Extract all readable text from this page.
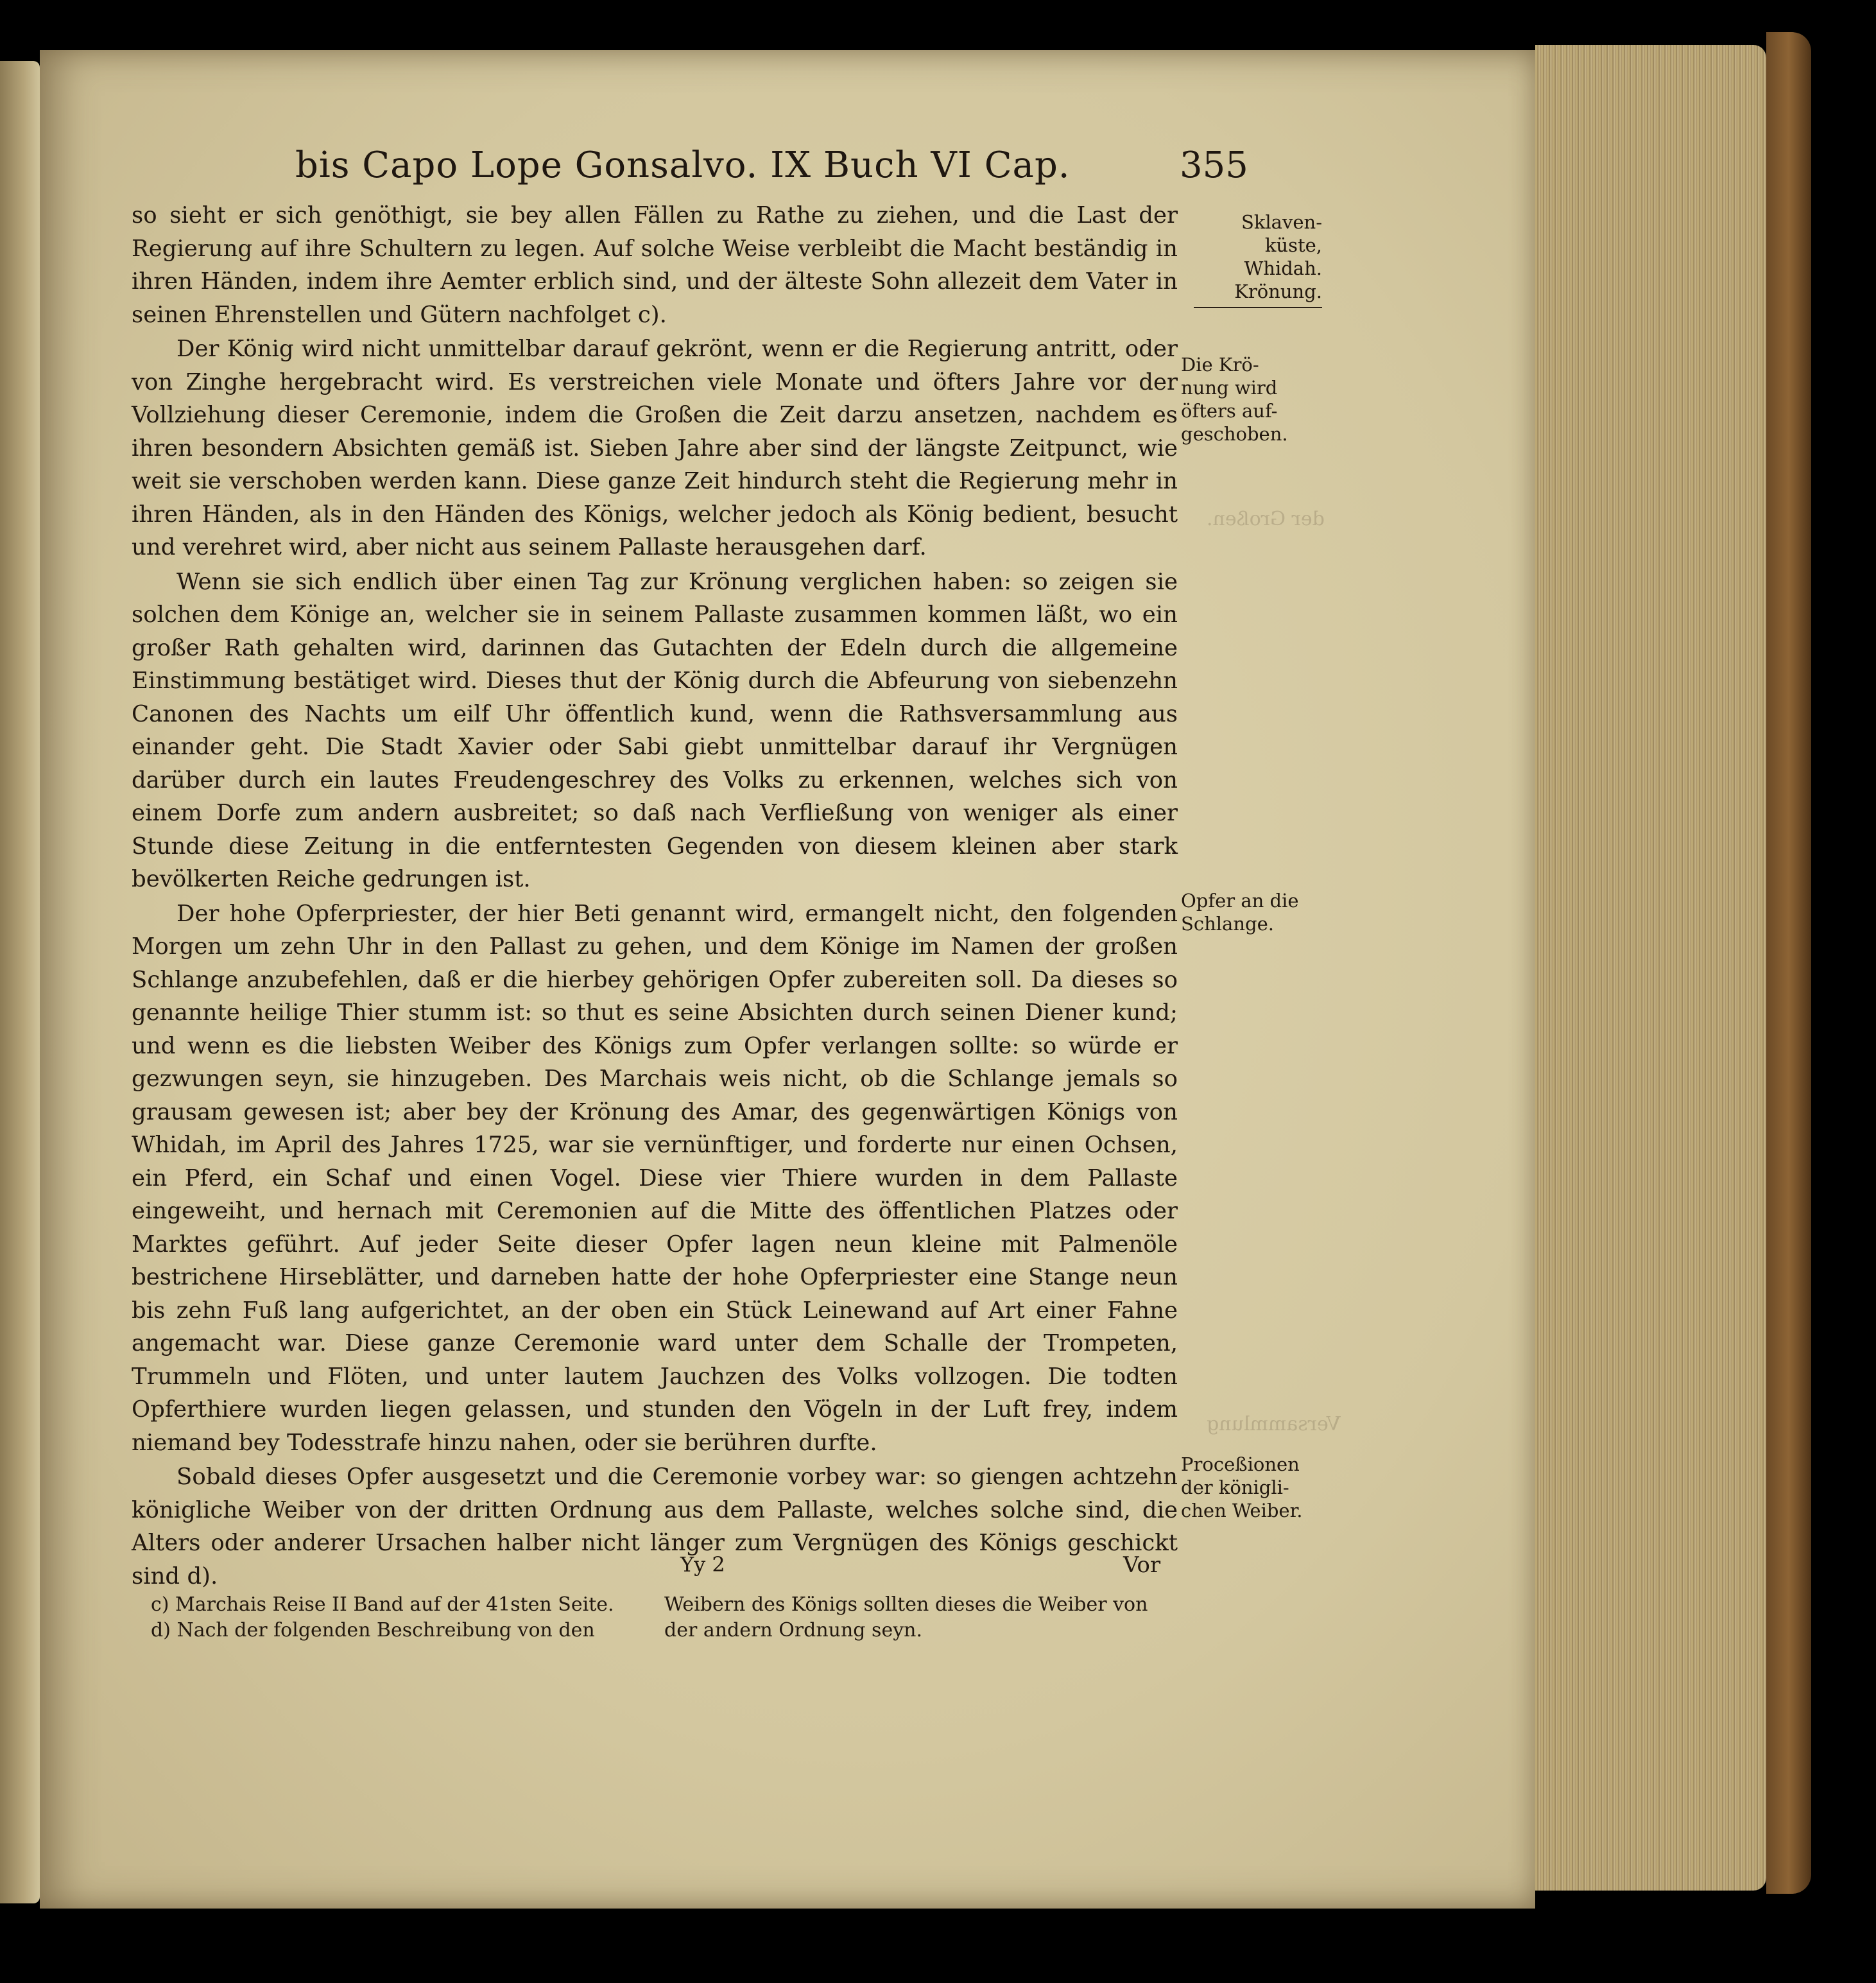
der Großen.
Versammlung
bis Capo Lope Gonsalvo. IX Buch VI Cap.	355
Sklaven-
küste,
Whidah.
Krönung.
Die Krö-
nung wird
öfters auf-
geschoben.
Opfer an die
Schlange.
Proceßionen
der königli-
chen Weiber.

so sieht er sich genöthigt, sie bey allen Fällen zu Rathe zu ziehen, und die Last der Regierung auf ihre Schultern zu legen. Auf solche Weise verbleibt die Macht beständig in ihren Händen, indem ihre Aemter erblich sind, und der älteste Sohn allezeit dem Vater in seinen Ehrenstellen und Gütern nachfolget c).

Der König wird nicht unmittelbar darauf gekrönt, wenn er die Regierung antritt, oder von Zinghe hergebracht wird. Es verstreichen viele Monate und öfters Jahre vor der Vollziehung dieser Ceremonie, indem die Großen die Zeit darzu ansetzen, nachdem es ihren besondern Absichten gemäß ist. Sieben Jahre aber sind der längste Zeitpunct, wie weit sie verschoben werden kann. Diese ganze Zeit hindurch steht die Regierung mehr in ihren Händen, als in den Händen des Königs, welcher jedoch als König bedient, besucht und verehret wird, aber nicht aus seinem Pallaste herausgehen darf.

Wenn sie sich endlich über einen Tag zur Krönung verglichen haben: so zeigen sie solchen dem Könige an, welcher sie in seinem Pallaste zusammen kommen läßt, wo ein großer Rath gehalten wird, darinnen das Gutachten der Edeln durch die allgemeine Einstimmung bestätiget wird. Dieses thut der König durch die Abfeurung von siebenzehn Canonen des Nachts um eilf Uhr öffentlich kund, wenn die Rathsversammlung aus einander geht. Die Stadt Xavier oder Sabi giebt unmittelbar darauf ihr Vergnügen darüber durch ein lautes Freudengeschrey des Volks zu erkennen, welches sich von einem Dorfe zum andern ausbreitet; so daß nach Verfließung von weniger als einer Stunde diese Zeitung in die entferntesten Gegenden von diesem kleinen aber stark bevölkerten Reiche gedrungen ist.

Der hohe Opferpriester, der hier Beti genannt wird, ermangelt nicht, den folgenden Morgen um zehn Uhr in den Pallast zu gehen, und dem Könige im Namen der großen Schlange anzubefehlen, daß er die hierbey gehörigen Opfer zubereiten soll. Da dieses so genannte heilige Thier stumm ist: so thut es seine Absichten durch seinen Diener kund; und wenn es die liebsten Weiber des Königs zum Opfer verlangen sollte: so würde er gezwungen seyn, sie hinzugeben. Des Marchais weis nicht, ob die Schlange jemals so grausam gewesen ist; aber bey der Krönung des Amar, des gegenwärtigen Königs von Whidah, im April des Jahres 1725, war sie vernünftiger, und forderte nur einen Ochsen, ein Pferd, ein Schaf und einen Vogel. Diese vier Thiere wurden in dem Pallaste eingeweiht, und hernach mit Ceremonien auf die Mitte des öffentlichen Platzes oder Marktes geführt. Auf jeder Seite dieser Opfer lagen neun kleine mit Palmenöle bestrichene Hirseblätter, und darneben hatte der hohe Opferpriester eine Stange neun bis zehn Fuß lang aufgerichtet, an der oben ein Stück Leinewand auf Art einer Fahne angemacht war. Diese ganze Ceremonie ward unter dem Schalle der Trompeten, Trummeln und Flöten, und unter lautem Jauchzen des Volks vollzogen. Die todten Opferthiere wurden liegen gelassen, und stunden den Vögeln in der Luft frey, indem niemand bey Todesstrafe hinzu nahen, oder sie berühren durfte.

Sobald dieses Opfer ausgesetzt und die Ceremonie vorbey war: so giengen achtzehn königliche Weiber von der dritten Ordnung aus dem Pallaste, welches solche sind, die Alters oder anderer Ursachen halber nicht länger zum Vergnügen des Königs geschickt sind d).	Yy 2	Vor

c) Marchais Reise II Band auf der 41sten Seite.

d) Nach der folgenden Beschreibung von den

Weibern des Königs sollten dieses die Weiber von der andern Ordnung seyn.
